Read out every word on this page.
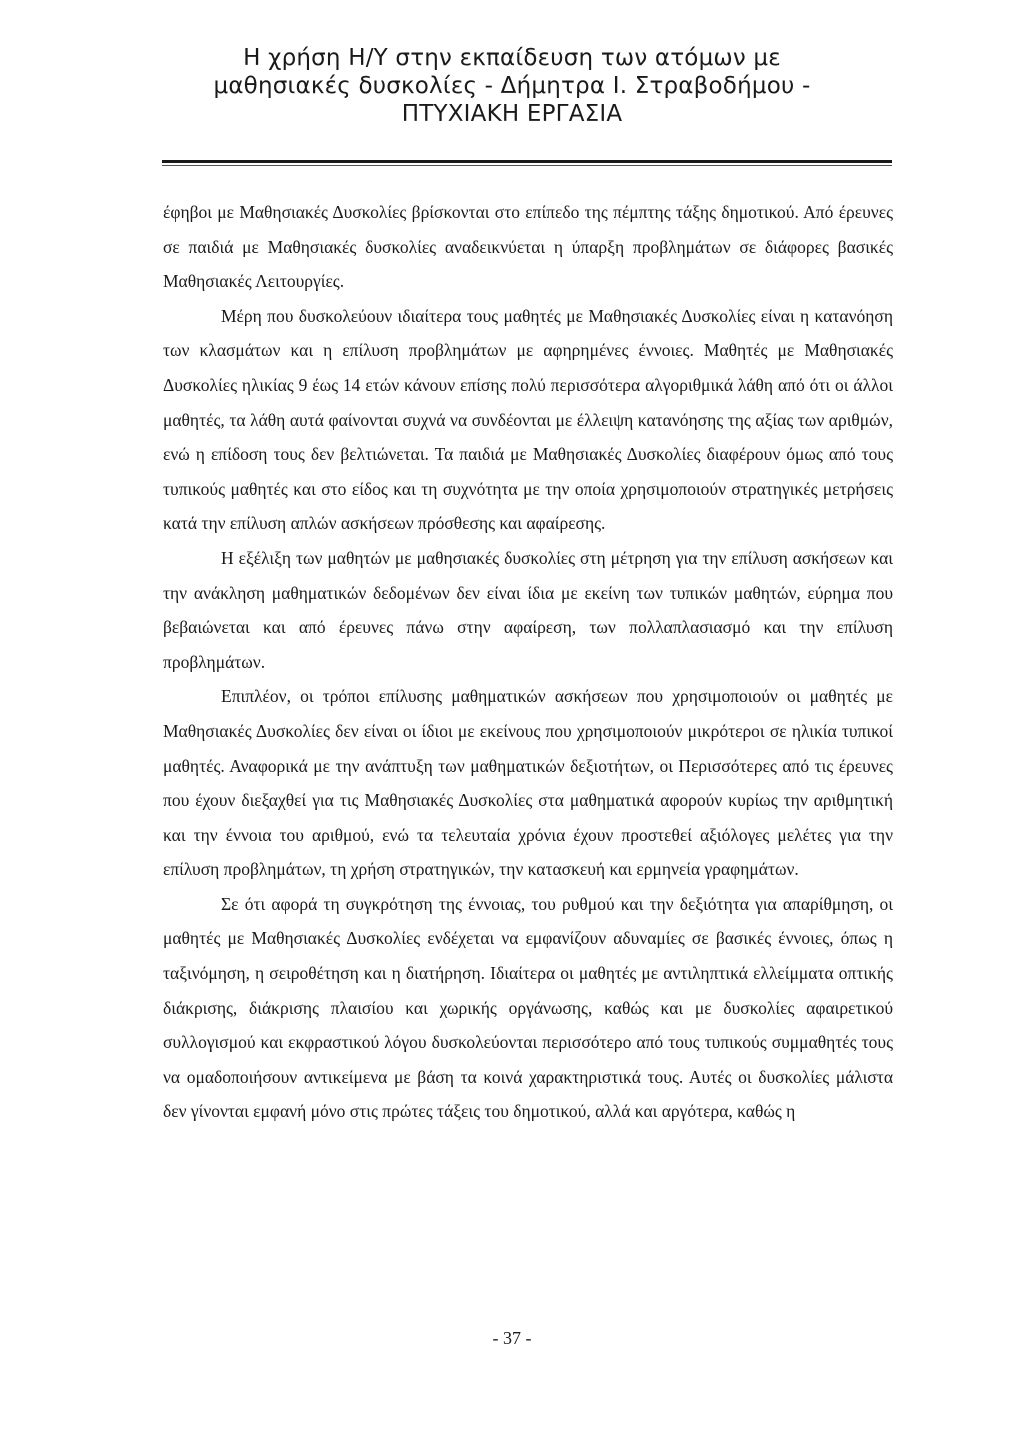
Η χρήση Η/Υ στην εκπαίδευση των ατόμων με
μαθησιακές δυσκολίες - Δήμητρα Ι. Στραβοδήμου -
ΠΤΥΧΙΑΚΗ ΕΡΓΑΣΙΑ

έφηβοι με Μαθησιακές Δυσκολίες βρίσκονται στο επίπεδο της πέμπτης τάξης δημοτικού. Από έρευνες σε παιδιά με Μαθησιακές δυσκολίες αναδεικνύεται η ύπαρξη προβλημάτων σε διάφορες βασικές Μαθησιακές Λειτουργίες.

Μέρη που δυσκολεύουν ιδιαίτερα τους μαθητές με Μαθησιακές Δυσκολίες είναι η κατανόηση των κλασμάτων και η επίλυση προβλημάτων με αφηρημένες έννοιες. Μαθητές με Μαθησιακές Δυσκολίες ηλικίας 9 έως 14 ετών κάνουν επίσης πολύ περισσότερα αλγοριθμικά λάθη από ότι οι άλλοι μαθητές, τα λάθη αυτά φαίνονται συχνά να συνδέονται με έλλειψη κατανόησης της αξίας των αριθμών, ενώ η επίδοση τους δεν βελτιώνεται. Τα παιδιά με Μαθησιακές Δυσκολίες διαφέρουν όμως από τους τυπικούς μαθητές και στο είδος και τη συχνότητα με την οποία χρησιμοποιούν στρατηγικές μετρήσεις κατά την επίλυση απλών ασκήσεων πρόσθεσης και αφαίρεσης.

Η εξέλιξη των μαθητών με μαθησιακές δυσκολίες στη μέτρηση για την επίλυση ασκήσεων και την ανάκληση μαθηματικών δεδομένων δεν είναι ίδια με εκείνη των τυπικών μαθητών, εύρημα που βεβαιώνεται και από έρευνες πάνω στην αφαίρεση, των πολλαπλασιασμό και την επίλυση προβλημάτων.

Επιπλέον, οι τρόποι επίλυσης μαθηματικών ασκήσεων που χρησιμοποιούν οι μαθητές με Μαθησιακές Δυσκολίες δεν είναι οι ίδιοι με εκείνους που χρησιμοποιούν μικρότεροι σε ηλικία τυπικοί μαθητές. Αναφορικά με την ανάπτυξη των μαθηματικών δεξιοτήτων, οι Περισσότερες από τις έρευνες που έχουν διεξαχθεί για τις Μαθησιακές Δυσκολίες στα μαθηματικά αφορούν κυρίως την αριθμητική και την έννοια του αριθμού, ενώ τα τελευταία χρόνια έχουν προστεθεί αξιόλογες μελέτες για την επίλυση προβλημάτων, τη χρήση στρατηγικών, την κατασκευή και ερμηνεία γραφημάτων.

Σε ότι αφορά τη συγκρότηση της έννοιας, του ρυθμού και την δεξιότητα για απαρίθμηση, οι μαθητές με Μαθησιακές Δυσκολίες ενδέχεται να εμφανίζουν αδυναμίες σε βασικές έννοιες, όπως η ταξινόμηση, η σειροθέτηση και η διατήρηση. Ιδιαίτερα οι μαθητές με αντιληπτικά ελλείμματα οπτικής διάκρισης, διάκρισης πλαισίου και χωρικής οργάνωσης, καθώς και με δυσκολίες αφαιρετικού συλλογισμού και εκφραστικού λόγου δυσκολεύονται περισσότερο από τους τυπικούς συμμαθητές τους να ομαδοποιήσουν αντικείμενα με βάση τα κοινά χαρακτηριστικά τους. Αυτές οι δυσκολίες μάλιστα δεν γίνονται εμφανή μόνο στις πρώτες τάξεις του δημοτικού, αλλά και αργότερα, καθώς η

- 37 -
